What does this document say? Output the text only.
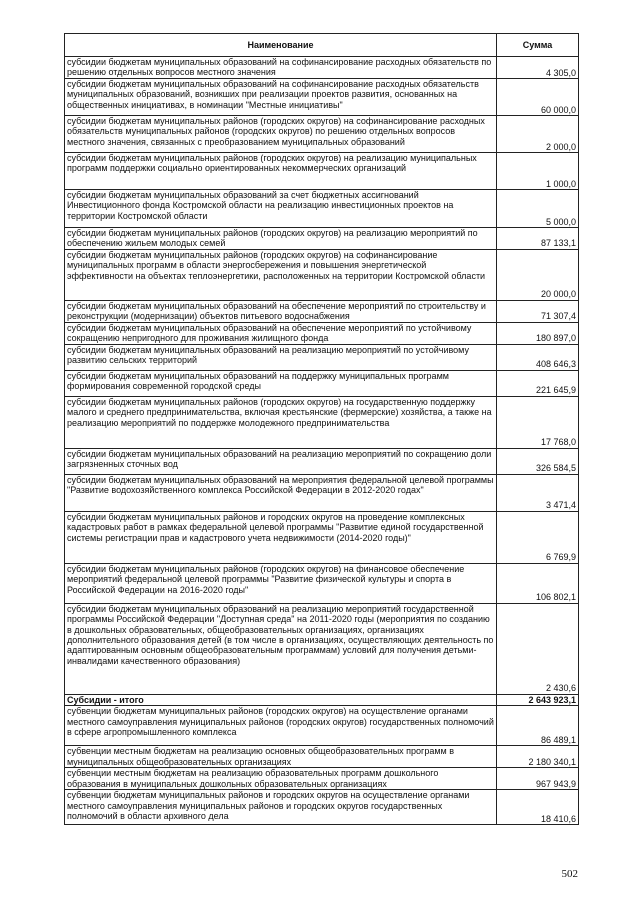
Наименование	Сумма
субсидии бюджетам муниципальных образований на софинансирование расходных обязательств по решению отдельных вопросов местного значения	4 305,0
субсидии бюджетам муниципальных образований на софинансирование расходных обязательств муниципальных образований, возникших при реализации проектов развития, основанных на общественных инициативах, в номинации "Местные инициативы"	60 000,0
субсидии бюджетам муниципальных районов (городских округов) на софинансирование расходных обязательств муниципальных районов (городских округов) по решению отдельных вопросов местного значения, связанных с преобразованием муниципальных образований	2 000,0
субсидии бюджетам муниципальных районов (городских округов) на реализацию муниципальных программ поддержки социально ориентированных некоммерческих организаций	1 000,0
субсидии бюджетам муниципальных образований за счет бюджетных ассигнований Инвестиционного фонда Костромской области на реализацию инвестиционных проектов на территории Костромской области	5 000,0
субсидии бюджетам муниципальных районов (городских округов) на реализацию мероприятий по обеспечению жильем молодых семей	87 133,1
субсидии бюджетам муниципальных районов (городских округов) на софинансирование муниципальных программ в области энергосбережения и повышения энергетической эффективности на объектах теплоэнергетики, расположенных на территории Костромской области	20 000,0
субсидии бюджетам муниципальных образований на обеспечение мероприятий по строительству и реконструкции (модернизации) объектов питьевого водоснабжения	71 307,4
субсидии бюджетам муниципальных образований на обеспечение мероприятий по устойчивому сокращению непригодного для проживания жилищного фонда	180 897,0
субсидии бюджетам муниципальных образований на реализацию мероприятий по устойчивому развитию сельских территорий	408 646,3
субсидии бюджетам муниципальных образований на поддержку муниципальных программ формирования современной городской среды	221 645,9
субсидии бюджетам муниципальных районов (городских округов) на государственную поддержку малого и среднего предпринимательства, включая крестьянские (фермерские) хозяйства, а также на реализацию мероприятий по поддержке молодежного предпринимательства	17 768,0
субсидии бюджетам муниципальных образований на реализацию мероприятий по сокращению доли загрязненных сточных вод	326 584,5
субсидии бюджетам муниципальных образований на мероприятия федеральной целевой программы "Развитие водохозяйственного комплекса Российской Федерации в 2012-2020 годах"	3 471,4
субсидии бюджетам муниципальных районов и городских округов на проведение комплексных кадастровых работ в рамках федеральной целевой программы "Развитие единой государственной системы регистрации прав и кадастрового учета недвижимости (2014-2020 годы)"	6 769,9
субсидии бюджетам муниципальных районов (городских округов) на финансовое обеспечение мероприятий федеральной целевой программы "Развитие физической культуры и спорта в Российской Федерации на 2016-2020 годы"	106 802,1
субсидии бюджетам муниципальных образований на реализацию мероприятий государственной программы Российской Федерации "Доступная среда" на 2011-2020 годы (мероприятия по созданию в дошкольных образовательных, общеобразовательных организациях, организациях дополнительного образования детей (в том числе в организациях, осуществляющих деятельность по адаптированным основным общеобразовательным программам) условий для получения детьми-инвалидами качественного образования)	2 430,6
Субсидии - итого	2 643 923,1
субвенции бюджетам муниципальных районов (городских округов) на осуществление органами местного самоуправления муниципальных районов (городских округов) государственных полномочий в сфере агропромышленного комплекса	86 489,1
субвенции местным бюджетам на реализацию основных общеобразовательных программ в муниципальных общеобразовательных организациях	2 180 340,1
субвенции местным бюджетам на реализацию образовательных программ дошкольного образования в муниципальных дошкольных образовательных организациях	967 943,9
субвенции бюджетам муниципальных районов и городских округов на осуществление органами местного самоуправления муниципальных районов и городских округов государственных полномочий в области архивного дела	18 410,6
502
